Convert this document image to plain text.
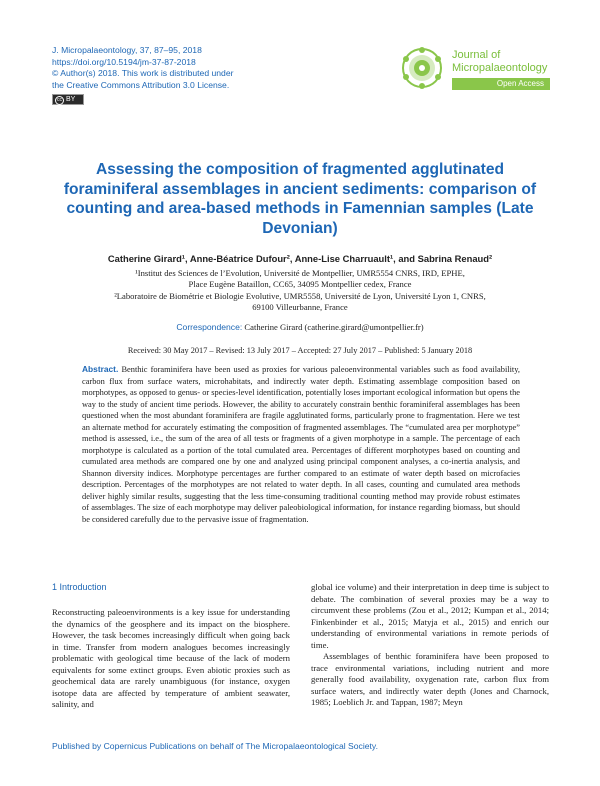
J. Micropalaeontology, 37, 87–95, 2018
https://doi.org/10.5194/jm-37-87-2018
© Author(s) 2018. This work is distributed under
the Creative Commons Attribution 3.0 License.
cc BY
Journal of
Micropalaeontology
Open Access
Assessing the composition of fragmented agglutinated foraminiferal assemblages in ancient sediments: comparison of counting and area-based methods in Famennian samples (Late Devonian)
Catherine Girard¹, Anne-Béatrice Dufour², Anne-Lise Charruault¹, and Sabrina Renaud²
¹Institut des Sciences de l’Evolution, Université de Montpellier, UMR5554 CNRS, IRD, EPHE,
Place Eugène Bataillon, CC65, 34095 Montpellier cedex, France
²Laboratoire de Biométrie et Biologie Evolutive, UMR5558, Université de Lyon, Université Lyon 1, CNRS,
69100 Villeurbanne, France
Correspondence: Catherine Girard (catherine.girard@umontpellier.fr)
Received: 30 May 2017 – Revised: 13 July 2017 – Accepted: 27 July 2017 – Published: 5 January 2018

Abstract. Benthic foraminifera have been used as proxies for various paleoenvironmental variables such as food availability, carbon flux from surface waters, microhabitats, and indirectly water depth. Estimating assemblage composition based on morphotypes, as opposed to genus- or species-level identification, potentially loses important ecological information but opens the way to the study of ancient time periods. However, the ability to accurately constrain benthic foraminiferal assemblages has been questioned when the most abundant foraminifera are fragile agglutinated forms, particularly prone to fragmentation. Here we test an alternate method for accurately estimating the composition of fragmented assemblages. The “cumulated area per morphotype” method is assessed, i.e., the sum of the area of all tests or fragments of a given morphotype in a sample. The percentage of each morphotype is calculated as a portion of the total cumulated area. Percentages of different morphotypes based on counting and cumulated area methods are compared one by one and analyzed using principal component analyses, a co-inertia analysis, and Shannon diversity indices. Morphotype percentages are further compared to an estimate of water depth based on microfacies description. Percentages of the morphotypes are not related to water depth. In all cases, counting and cumulated area methods deliver highly similar results, suggesting that the less time-consuming traditional counting method may provide robust estimates of assemblages. The size of each morphotype may deliver paleobiological information, for instance regarding biomass, but should be considered carefully due to the pervasive issue of fragmentation.

1 Introduction

Reconstructing paleoenvironments is a key issue for understanding the dynamics of the geosphere and its impact on the biosphere. However, the task becomes increasingly difficult when going back in time. Transfer from modern analogues becomes increasingly problematic with geological time because of the lack of modern equivalents for some extinct groups. Even abiotic proxies such as geochemical data are rarely unambiguous (for instance, oxygen isotope data are affected by temperature of ambient seawater, salinity, and

global ice volume) and their interpretation in deep time is subject to debate. The combination of several proxies may be a way to circumvent these problems (Zou et al., 2012; Kumpan et al., 2014; Finkenbinder et al., 2015; Matyja et al., 2015) and enrich our understanding of environmental variations in remote periods of time.

Assemblages of benthic foraminifera have been proposed to trace environmental variations, including nutrient and more generally food availability, oxygenation rate, carbon flux from surface waters, and indirectly water depth (Jones and Charnock, 1985; Loeblich Jr. and Tappan, 1987; Meyn

Published by Copernicus Publications on behalf of The Micropalaeontological Society.
